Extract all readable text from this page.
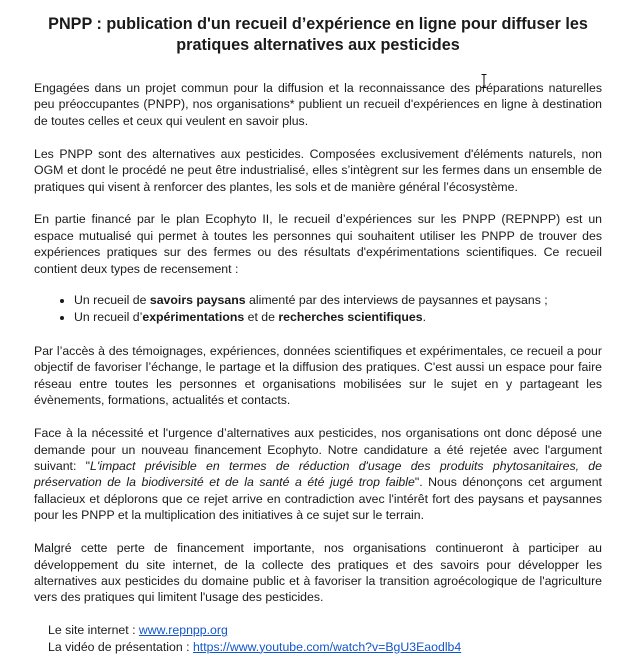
PNPP : publication d'un recueil d’expérience en ligne pour diffuser les pratiques alternatives aux pesticides

Engagées dans un projet commun pour la diffusion et la reconnaissance des préparations naturelles peu préoccupantes (PNPP), nos organisations* publient un recueil d'expériences en ligne à destination de toutes celles et ceux qui veulent en savoir plus.

Les PNPP sont des alternatives aux pesticides. Composées exclusivement d'éléments naturels, non OGM et dont le procédé ne peut être industrialisé, elles s’intègrent sur les fermes dans un ensemble de pratiques qui visent à renforcer des plantes, les sols et de manière général l’écosystème.

En partie financé par le plan Ecophyto II, le recueil d’expériences sur les PNPP (REPNPP) est un espace mutualisé qui permet à toutes les personnes qui souhaitent utiliser les PNPP de trouver des expériences pratiques sur des fermes ou des résultats d'expérimentations scientifiques. Ce recueil contient deux types de recensement :

• Un recueil de savoirs paysans alimenté par des interviews de paysannes et paysans ;
• Un recueil d’expérimentations et de recherches scientifiques.

Par l’accès à des témoignages, expériences, données scientifiques et expérimentales, ce recueil a pour objectif de favoriser l’échange, le partage et la diffusion des pratiques. C'est aussi un espace pour faire réseau entre toutes les personnes et organisations mobilisées sur le sujet en y partageant les évènements, formations, actualités et contacts.

Face à la nécessité et l'urgence d’alternatives aux pesticides, nos organisations ont donc déposé une demande pour un nouveau financement Ecophyto. Notre candidature a été rejetée avec l'argument suivant: "L'impact prévisible en termes de réduction d'usage des produits phytosanitaires, de préservation de la biodiversité et de la santé a été jugé trop faible". Nous dénonçons cet argument fallacieux et déplorons que ce rejet arrive en contradiction avec l'intérêt fort des paysans et paysannes pour les PNPP et la multiplication des initiatives à ce sujet sur le terrain.

Malgré cette perte de financement importante, nos organisations continueront à participer au développement du site internet, de la collecte des pratiques et des savoirs pour développer les alternatives aux pesticides du domaine public et à favoriser la transition agroécologique de l'agriculture vers des pratiques qui limitent l'usage des pesticides.

Le site internet : www.repnpp.org
La vidéo de présentation : https://www.youtube.com/watch?v=BgU3Eaodlb4
